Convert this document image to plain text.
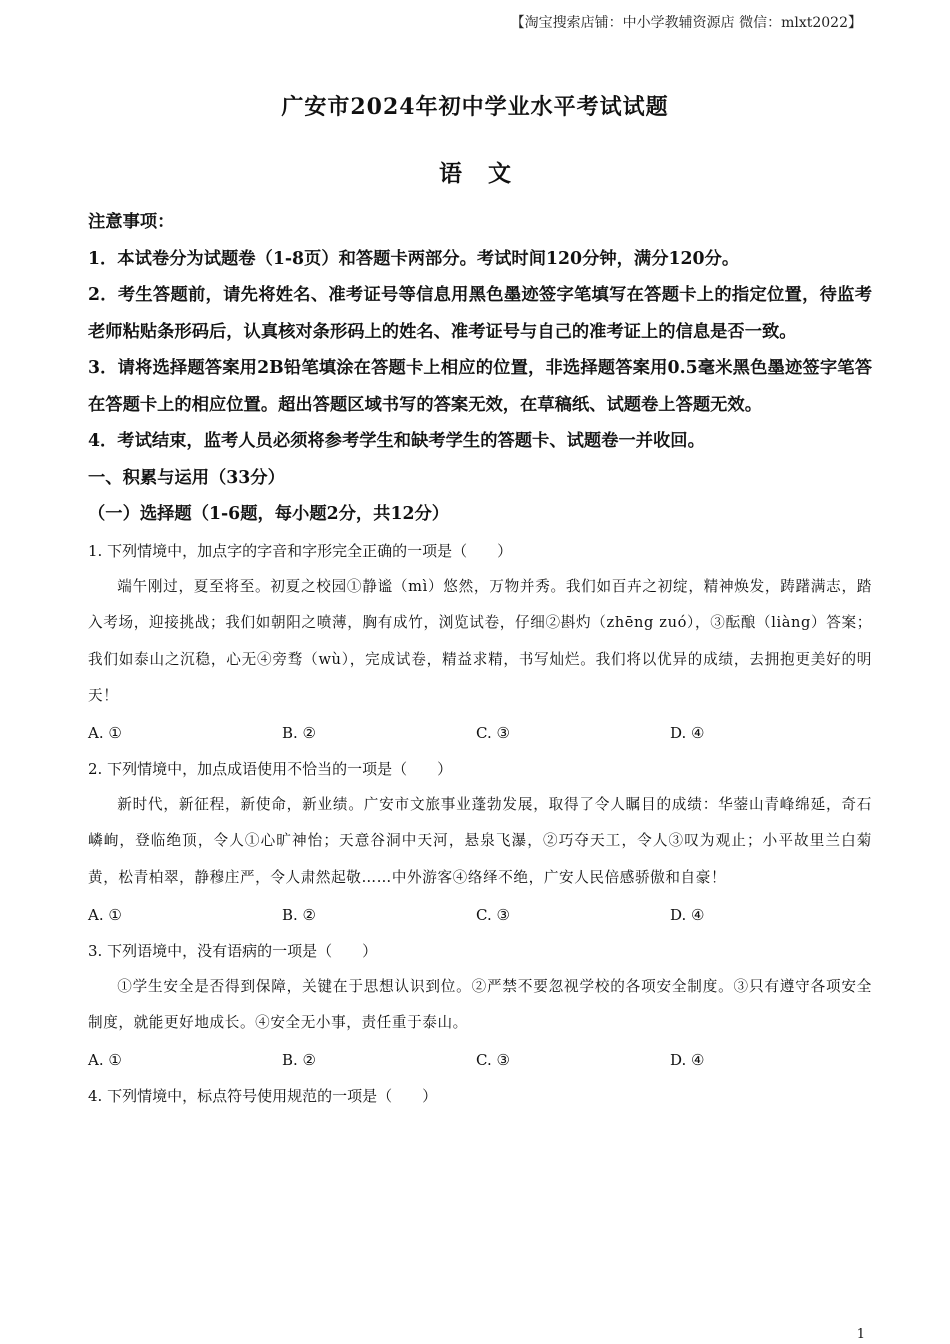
【淘宝搜索店铺：中小学教辅资源店 微信：mlxt2022】
广安市2024年初中学业水平考试试题
语文

注意事项：

1．本试卷分为试题卷（1-8页）和答题卡两部分。考试时间120分钟，满分120分。

2．考生答题前，请先将姓名、准考证号等信息用黑色墨迹签字笔填写在答题卡上的指定位置，待监考老师粘贴条形码后，认真核对条形码上的姓名、准考证号与自己的准考证上的信息是否一致。

3．请将选择题答案用2B铅笔填涂在答题卡上相应的位置，非选择题答案用0.5毫米黑色墨迹签字笔答在答题卡上的相应位置。超出答题区域书写的答案无效，在草稿纸、试题卷上答题无效。

4．考试结束，监考人员必须将参考学生和缺考学生的答题卡、试题卷一并收回。

一、积累与运用（33分）

（一）选择题（1-6题，每小题2分，共12分）

1. 下列情境中，加点字的字音和字形完全正确的一项是（　　）

端午刚过，夏至将至。初夏之校园①静谧（mì）悠然，万物并秀。我们如百卉之初绽，精神焕发，踌躇满志，踏入考场，迎接挑战；我们如朝阳之喷薄，胸有成竹，浏览试卷，仔细②斟灼（zhēng zuó），③酝酿（liàng）答案；我们如泰山之沉稳，心无④旁骛（wù），完成试卷，精益求精，书写灿烂。我们将以优异的成绩，去拥抱更美好的明天！

A. ①	B. ②	C. ③	D. ④

2. 下列情境中，加点成语使用不恰当的一项是（　　）

新时代，新征程，新使命，新业绩。广安市文旅事业蓬勃发展，取得了令人瞩目的成绩：华蓥山青峰绵延，奇石嶙峋，登临绝顶，令人①心旷神怡；天意谷洞中天河，悬泉飞瀑，②巧夺天工，令人③叹为观止；小平故里兰白菊黄，松青柏翠，静穆庄严，令人肃然起敬……中外游客④络绎不绝，广安人民倍感骄傲和自豪！

A. ①	B. ②	C. ③	D. ④

3. 下列语境中，没有语病的一项是（　　）

①学生安全是否得到保障，关键在于思想认识到位。②严禁不要忽视学校的各项安全制度。③只有遵守各项安全制度，就能更好地成长。④安全无小事，责任重于泰山。

A. ①	B. ②	C. ③	D. ④

4. 下列情境中，标点符号使用规范的一项是（　　）

1
